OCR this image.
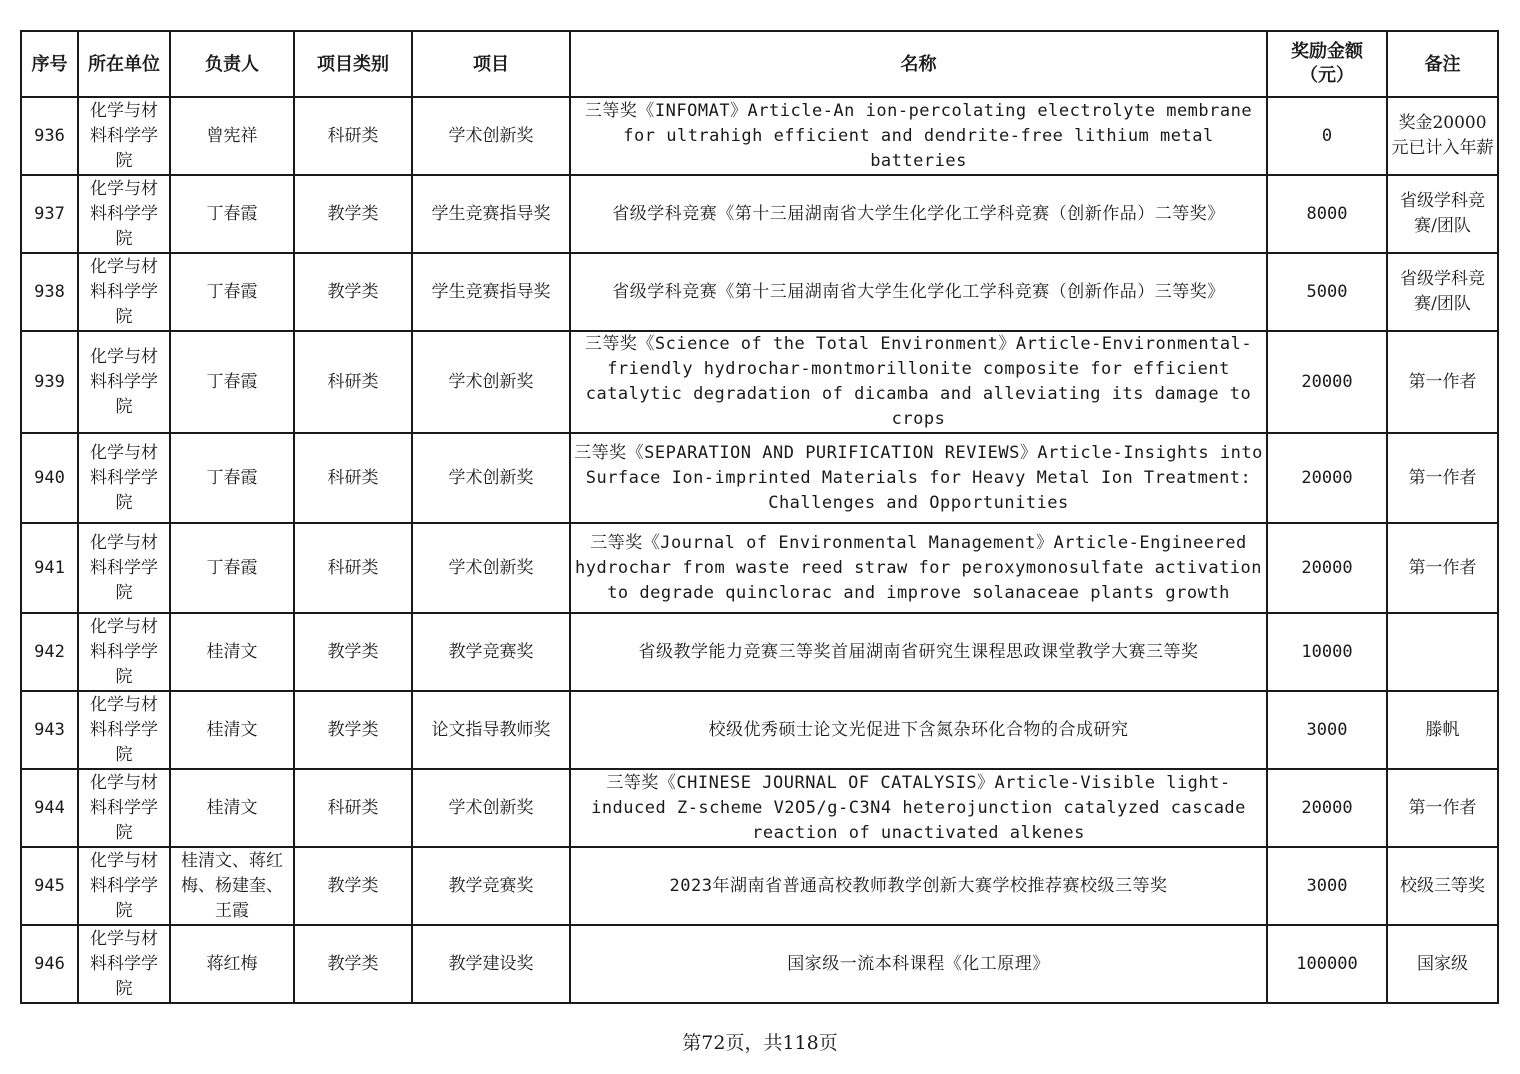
序号	所在单位	负责人	项目类别	项目	名称	奖励金额（元）	备注
936	化学与材料科学学院	曾宪祥	科研类	学术创新奖	三等奖《INFOMAT》Article-An ion-percolating electrolyte membrane for ultrahigh efficient and dendrite-free lithium metal batteries	0	奖金20000元已计入年薪
937	化学与材料科学学院	丁春霞	教学类	学生竞赛指导奖	省级学科竞赛《第十三届湖南省大学生化学化工学科竞赛（创新作品）二等奖》	8000	省级学科竞赛/团队
938	化学与材料科学学院	丁春霞	教学类	学生竞赛指导奖	省级学科竞赛《第十三届湖南省大学生化学化工学科竞赛（创新作品）三等奖》	5000	省级学科竞赛/团队
939	化学与材料科学学院	丁春霞	科研类	学术创新奖	三等奖《Science of the Total Environment》Article-Environmental-friendly hydrochar-montmorillonite composite for efficient catalytic degradation of dicamba and alleviating its damage to crops	20000	第一作者
940	化学与材料科学学院	丁春霞	科研类	学术创新奖	三等奖《SEPARATION AND PURIFICATION REVIEWS》Article-Insights into Surface Ion-imprinted Materials for Heavy Metal Ion Treatment: Challenges and Opportunities	20000	第一作者
941	化学与材料科学学院	丁春霞	科研类	学术创新奖	三等奖《Journal of Environmental Management》Article-Engineered hydrochar from waste reed straw for peroxymonosulfate activation to degrade quinclorac and improve solanaceae plants growth	20000	第一作者
942	化学与材料科学学院	桂清文	教学类	教学竞赛奖	省级教学能力竞赛三等奖首届湖南省研究生课程思政课堂教学大赛三等奖	10000	
943	化学与材料科学学院	桂清文	教学类	论文指导教师奖	校级优秀硕士论文光促进下含氮杂环化合物的合成研究	3000	滕帆
944	化学与材料科学学院	桂清文	科研类	学术创新奖	三等奖《CHINESE JOURNAL OF CATALYSIS》Article-Visible light-induced Z-scheme V2O5/g-C3N4 heterojunction catalyzed cascade reaction of unactivated alkenes	20000	第一作者
945	化学与材料科学学院	桂清文、蒋红梅、杨建奎、王霞	教学类	教学竞赛奖	2023年湖南省普通高校教师教学创新大赛学校推荐赛校级三等奖	3000	校级三等奖
946	化学与材料科学学院	蒋红梅	教学类	教学建设奖	国家级一流本科课程《化工原理》	100000	国家级
第72页，共118页
